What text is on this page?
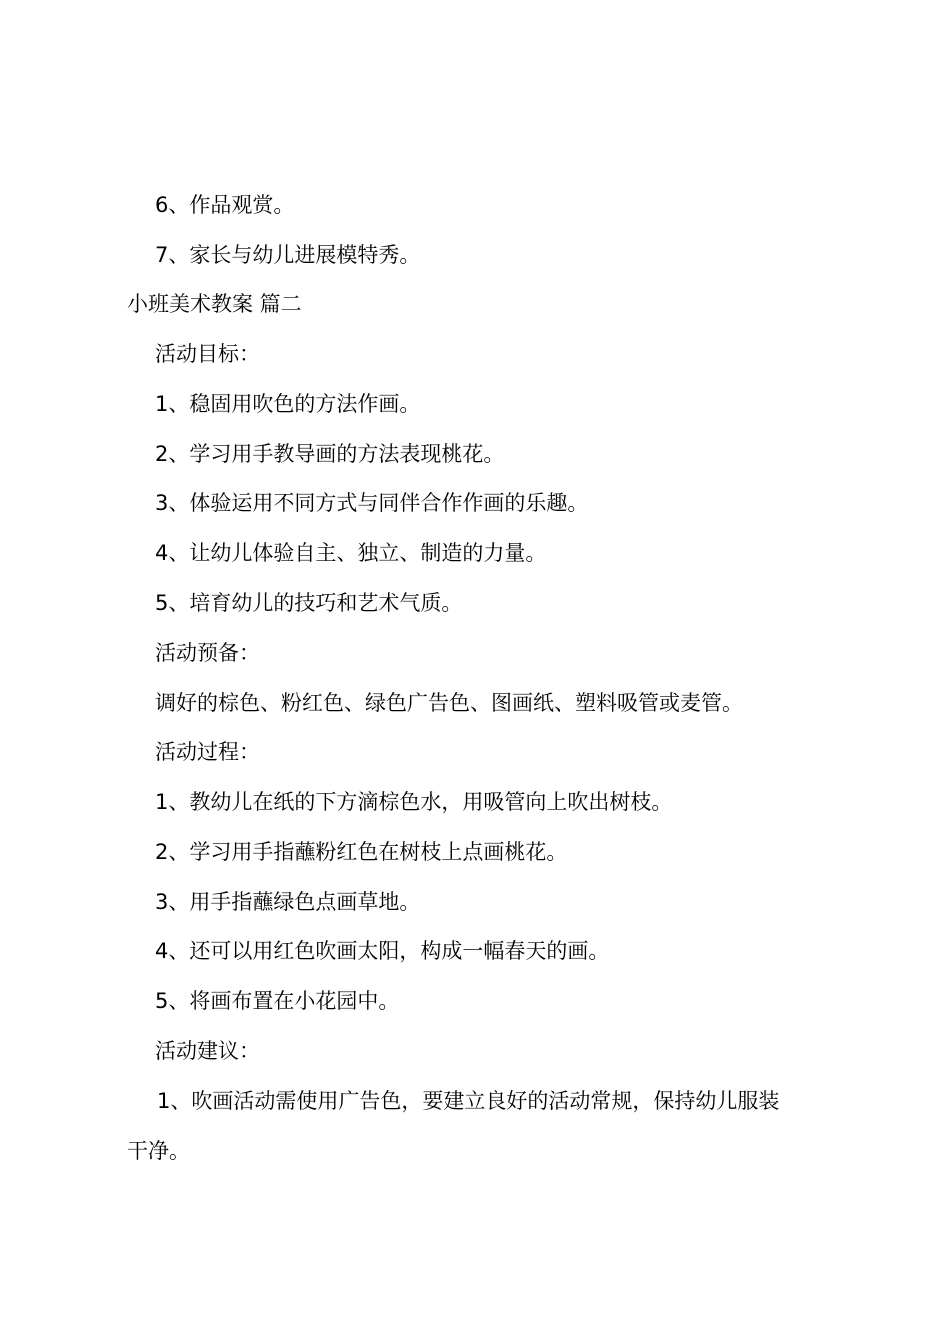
6、作品观赏。
7、家长与幼儿进展模特秀。
小班美术教案 篇二
活动目标：
1、稳固用吹色的方法作画。
2、学习用手教导画的方法表现桃花。
3、体验运用不同方式与同伴合作作画的乐趣。
4、让幼儿体验自主、独立、制造的力量。
5、培育幼儿的技巧和艺术气质。
活动预备：
调好的棕色、粉红色、绿色广告色、图画纸、塑料吸管或麦管。
活动过程：
1、教幼儿在纸的下方滴棕色水，用吸管向上吹出树枝。
2、学习用手指蘸粉红色在树枝上点画桃花。
3、用手指蘸绿色点画草地。
4、还可以用红色吹画太阳，构成一幅春天的画。
5、将画布置在小花园中。
活动建议：
1、吹画活动需使用广告色，要建立良好的活动常规，保持幼儿服装
干净。
